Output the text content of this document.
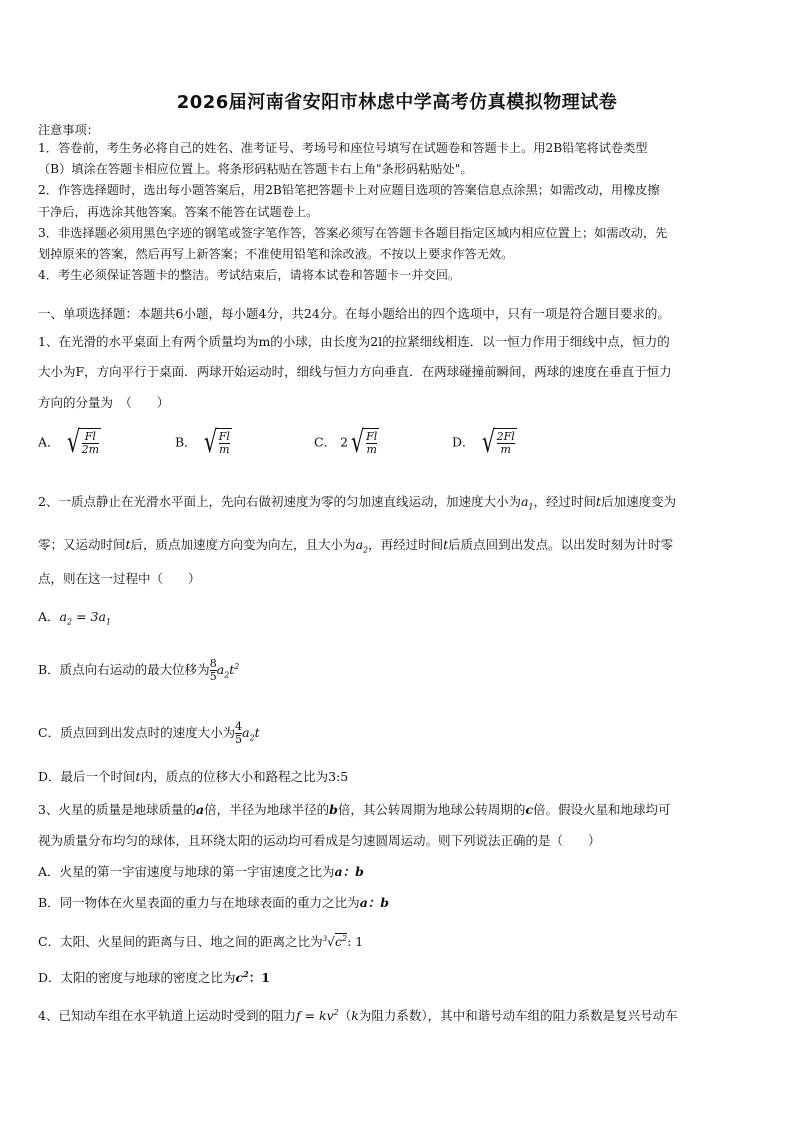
2026届河南省安阳市林虑中学高考仿真模拟物理试卷
注意事项：
1．答卷前，考生务必将自己的姓名、准考证号、考场号和座位号填写在试题卷和答题卡上。用2B铅笔将试卷类型
（B）填涂在答题卡相应位置上。将条形码粘贴在答题卡右上角"条形码粘贴处"。
2．作答选择题时，选出每小题答案后，用2B铅笔把答题卡上对应题目选项的答案信息点涂黑；如需改动，用橡皮擦
干净后，再选涂其他答案。答案不能答在试题卷上。
3．非选择题必须用黑色字迹的钢笔或签字笔作答，答案必须写在答题卡各题目指定区域内相应位置上；如需改动，先
划掉原来的答案，然后再写上新答案；不准使用铅笔和涂改液。不按以上要求作答无效。
4．考生必须保证答题卡的整洁。考试结束后，请将本试卷和答题卡一并交回。
一、单项选择题：本题共6小题，每小题4分，共24分。在每小题给出的四个选项中，只有一项是符合题目要求的。
1、在光滑的水平桌面上有两个质量均为m的小球，由长度为2l的拉紧细线相连．以一恒力作用于细线中点，恒力的
大小为F，方向平行于桌面．两球开始运动时，细线与恒力方向垂直．在两球碰撞前瞬间，两球的速度在垂直于恒力
方向的分量为　（　　）
A． √ $\frac{Fl}{2m}$	B． √ $\frac{Fl}{m}$	C． 2 √ $\frac{Fl}{m}$	D． √ $\frac{2Fl}{m}$
2、一质点静止在光滑水平面上，先向右做初速度为零的匀加速直线运动，加速度大小为$a_1$，经过时间t后加速度变为
零；又运动时间t后，质点加速度方向变为向左，且大小为$a_2$，再经过时间t后质点回到出发点。以出发时刻为计时零
点，则在这一过程中（　　）
A．$a_2 = 3a_1$
B．质点向右运动的最大位移为 $\frac{8}{5} a_2t^2$
C．质点回到出发点时的速度大小为 $\frac{4}{5} a_2t$
D．最后一个时间t内，质点的位移大小和路程之比为3:5
3、火星的质量是地球质量的a倍，半径为地球半径的b倍，其公转周期为地球公转周期的c倍。假设火星和地球均可
视为质量分布均匀的球体，且环绕太阳的运动均可看成是匀速圆周运动。则下列说法正确的是（　　）
A．火星的第一宇宙速度与地球的第一宇宙速度之比为a：b
B．同一物体在火星表面的重力与在地球表面的重力之比为a：b
C．太阳、火星间的距离与日、地之间的距离之比为$^3√c^2$: 1
D．太阳的密度与地球的密度之比为$c^2$：1
4、已知动车组在水平轨道上运动时受到的阻力$f = kv^2(k$为阻力系数），其中和谐号动车组的阻力系数是复兴号动车
